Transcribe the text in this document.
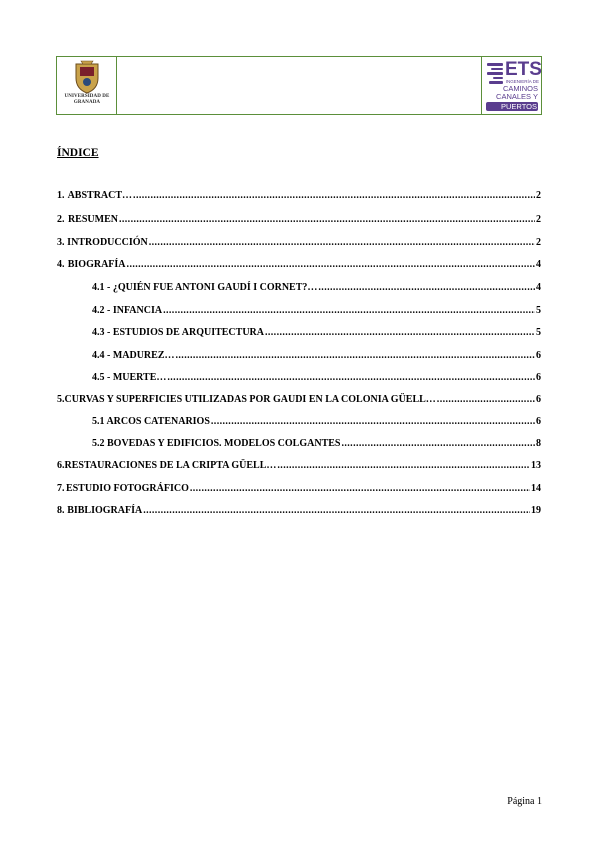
UNIVERSIDAD DE GRANADA
ETS
INGENIERÍA DE
CAMINOS
CANALES Y
PUERTOS
ÍNDICE
1. ABSTRACT… .....	2
2. RESUMEN .....	2
3. INTRODUCCIÓN .....	2
4. BIOGRAFÍA .....	4
4.1 - ¿QUIÉN FUE ANTONI GAUDÍ I CORNET?… .....	4
4.2 - INFANCIA .....	5
4.3 - ESTUDIOS DE ARQUITECTURA .....	5
4.4 - MADUREZ… .....	6
4.5 - MUERTE… .....	6
5. CURVAS Y SUPERFICIES UTILIZADAS POR GAUDI EN LA COLONIA GÜELL… .....	6
5.1 ARCOS CATENARIOS .....	6
5.2 BOVEDAS Y EDIFICIOS. MODELOS COLGANTES .....	8
6. RESTAURACIONES DE LA CRIPTA GÜELL… .....	13
7. ESTUDIO FOTOGRÁFICO .....	14
8. BIBLIOGRAFÍA .....	19
Página 1
